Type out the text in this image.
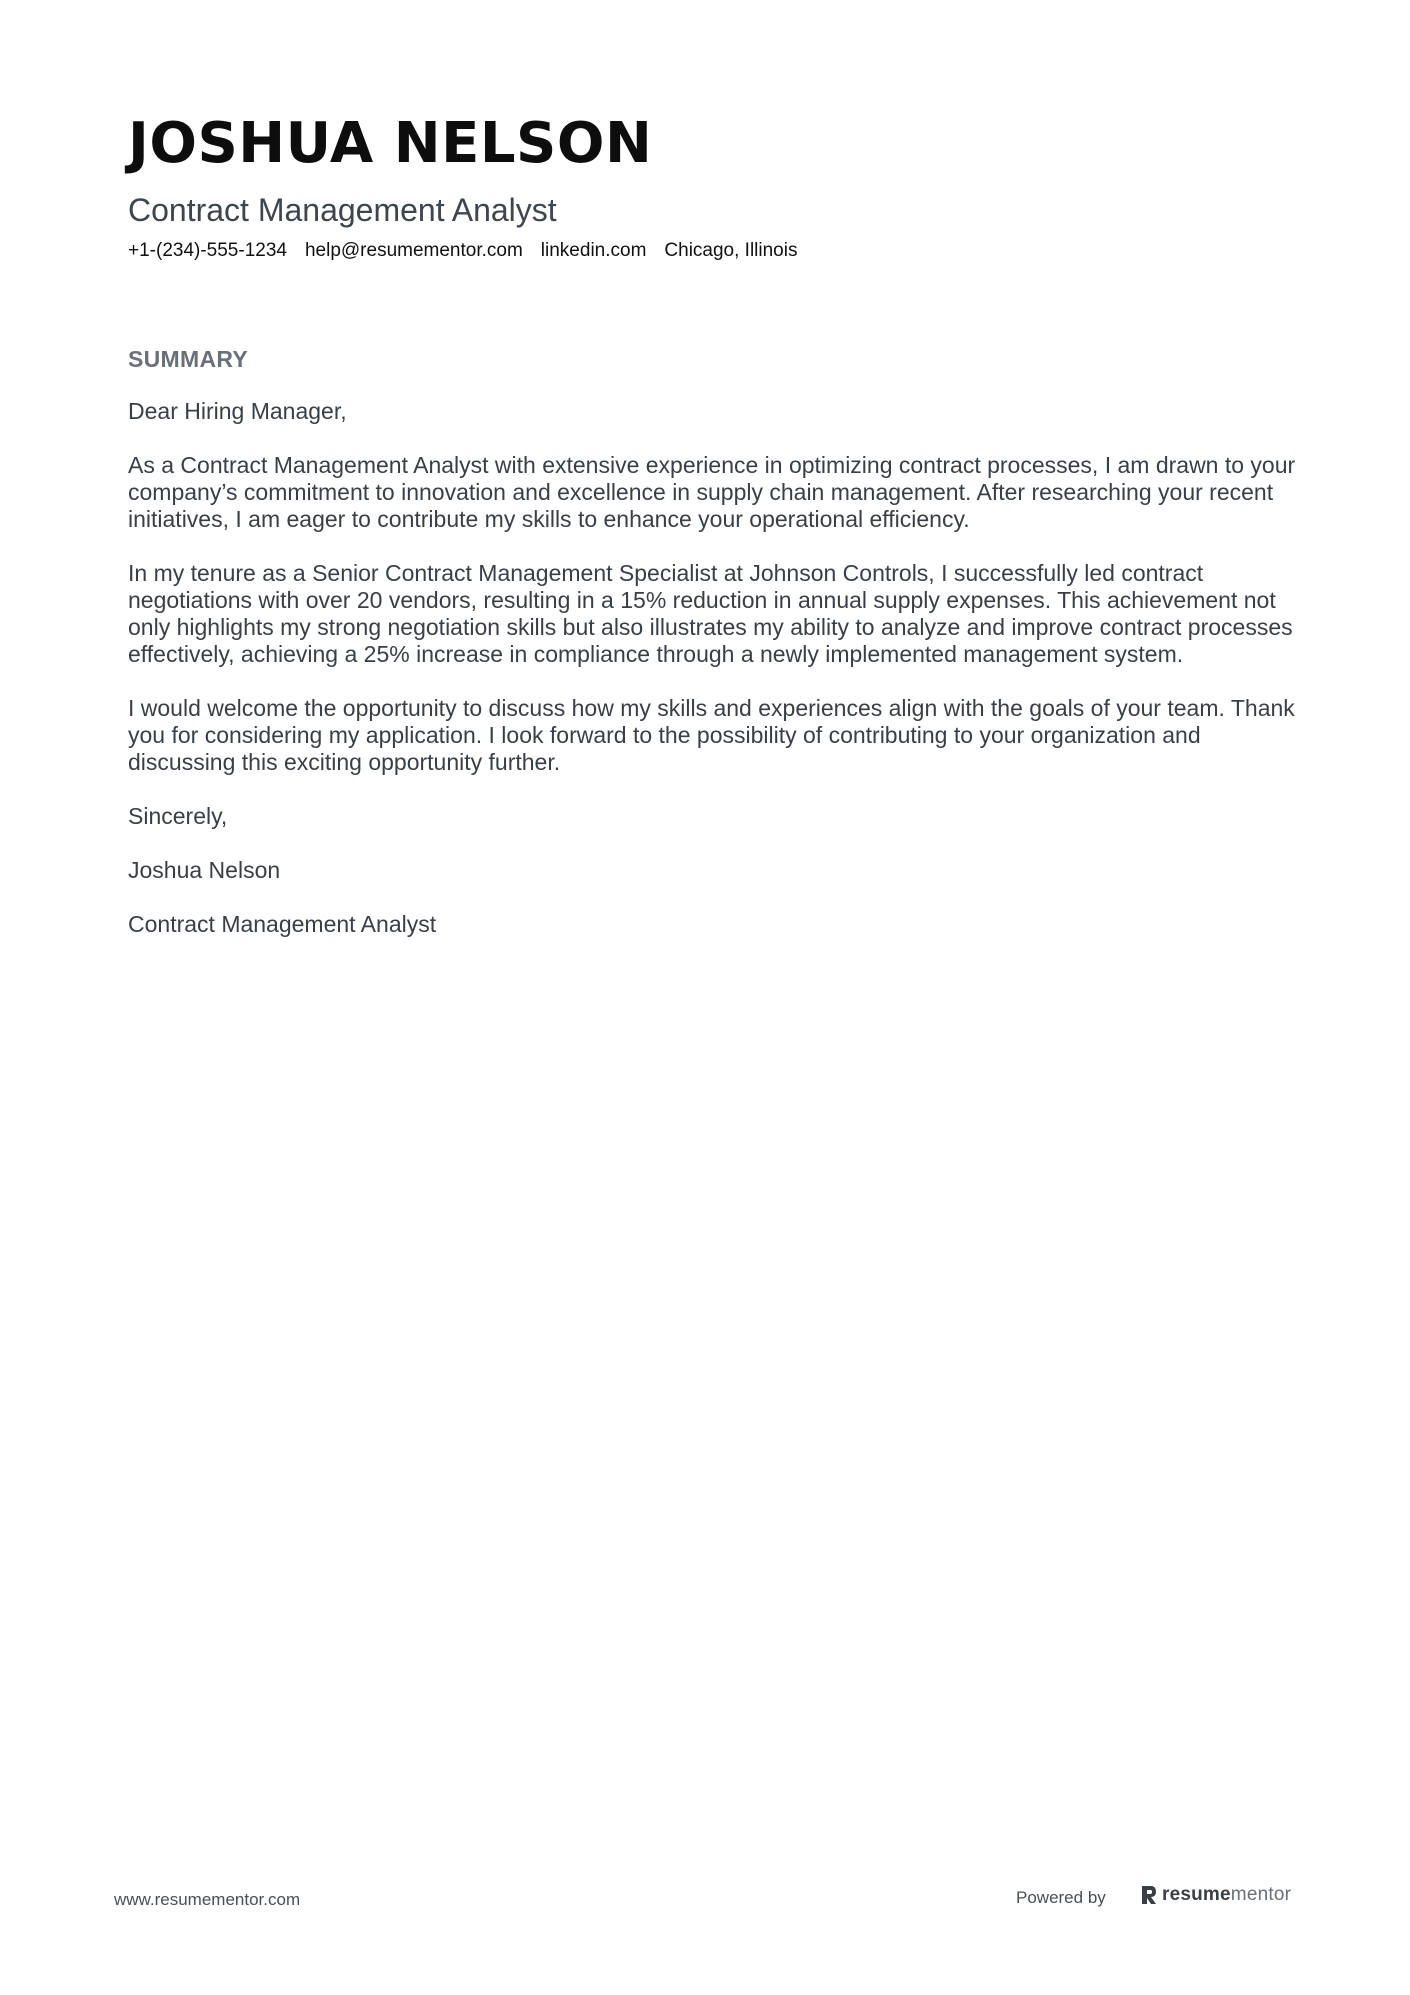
JOSHUA NELSON
Contract Management Analyst
+1-(234)-555-1234 help@resumementor.com linkedin.com Chicago, Illinois
SUMMARY

Dear Hiring Manager,

As a Contract Management Analyst with extensive experience in optimizing contract processes, I am drawn to your company’s commitment to innovation and excellence in supply chain management. After researching your recent initiatives, I am eager to contribute my skills to enhance your operational efficiency.

In my tenure as a Senior Contract Management Specialist at Johnson Controls, I successfully led contract negotiations with over 20 vendors, resulting in a 15% reduction in annual supply expenses. This achievement not only highlights my strong negotiation skills but also illustrates my ability to analyze and improve contract processes effectively, achieving a 25% increase in compliance through a newly implemented management system.

I would welcome the opportunity to discuss how my skills and experiences align with the goals of your team. Thank you for considering my application. I look forward to the possibility of contributing to your organization and discussing this exciting opportunity further.

Sincerely,

Joshua Nelson

Contract Management Analyst

www.resumementor.com	Powered by	resumementor
